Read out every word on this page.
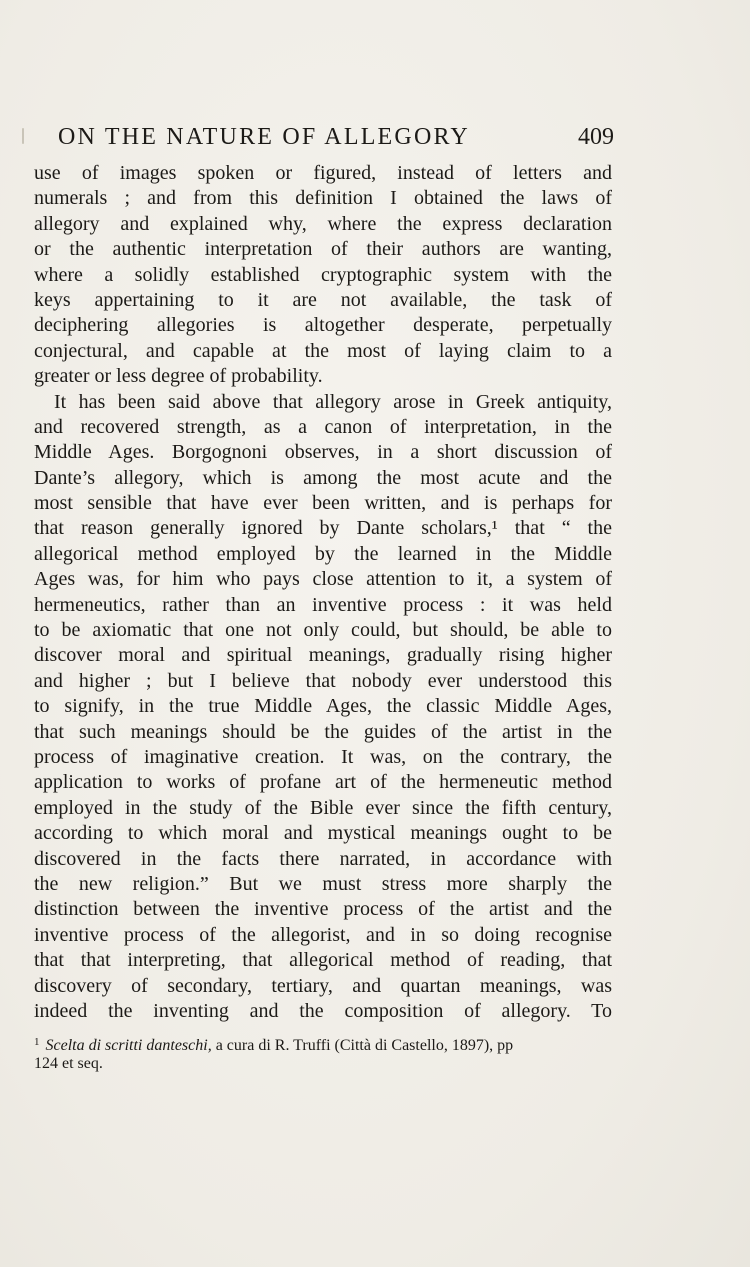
ON THE NATURE OF ALLEGORY	409
use of images spoken or figured, instead of letters and
numerals ; and from this definition I obtained the laws of
allegory and explained why, where the express declaration
or the authentic interpretation of their authors are wanting,
where a solidly established cryptographic system with the
keys appertaining to it are not available, the task of
deciphering allegories is altogether desperate, perpetually
conjectural, and capable at the most of laying claim to a
greater or less degree of probability.
It has been said above that allegory arose in Greek antiquity,
and recovered strength, as a canon of interpretation, in the
Middle Ages. Borgognoni observes, in a short discussion of
Dante’s allegory, which is among the most acute and the
most sensible that have ever been written, and is perhaps for
that reason generally ignored by Dante scholars,¹ that “ the
allegorical method employed by the learned in the Middle
Ages was, for him who pays close attention to it, a system of
hermeneutics, rather than an inventive process : it was held
to be axiomatic that one not only could, but should, be able to
discover moral and spiritual meanings, gradually rising higher
and higher ; but I believe that nobody ever understood this
to signify, in the true Middle Ages, the classic Middle Ages,
that such meanings should be the guides of the artist in the
process of imaginative creation. It was, on the contrary, the
application to works of profane art of the hermeneutic method
employed in the study of the Bible ever since the fifth century,
according to which moral and mystical meanings ought to be
discovered in the facts there narrated, in accordance with
the new religion.” But we must stress more sharply the
distinction between the inventive process of the artist and the
inventive process of the allegorist, and in so doing recognise
that that interpreting, that allegorical method of reading, that
discovery of secondary, tertiary, and quartan meanings, was
indeed the inventing and the composition of allegory. To
$^1$ Scelta di scritti danteschi, a cura di R. Truffi (Città di Castello, 1897), pp
124 et seq.
